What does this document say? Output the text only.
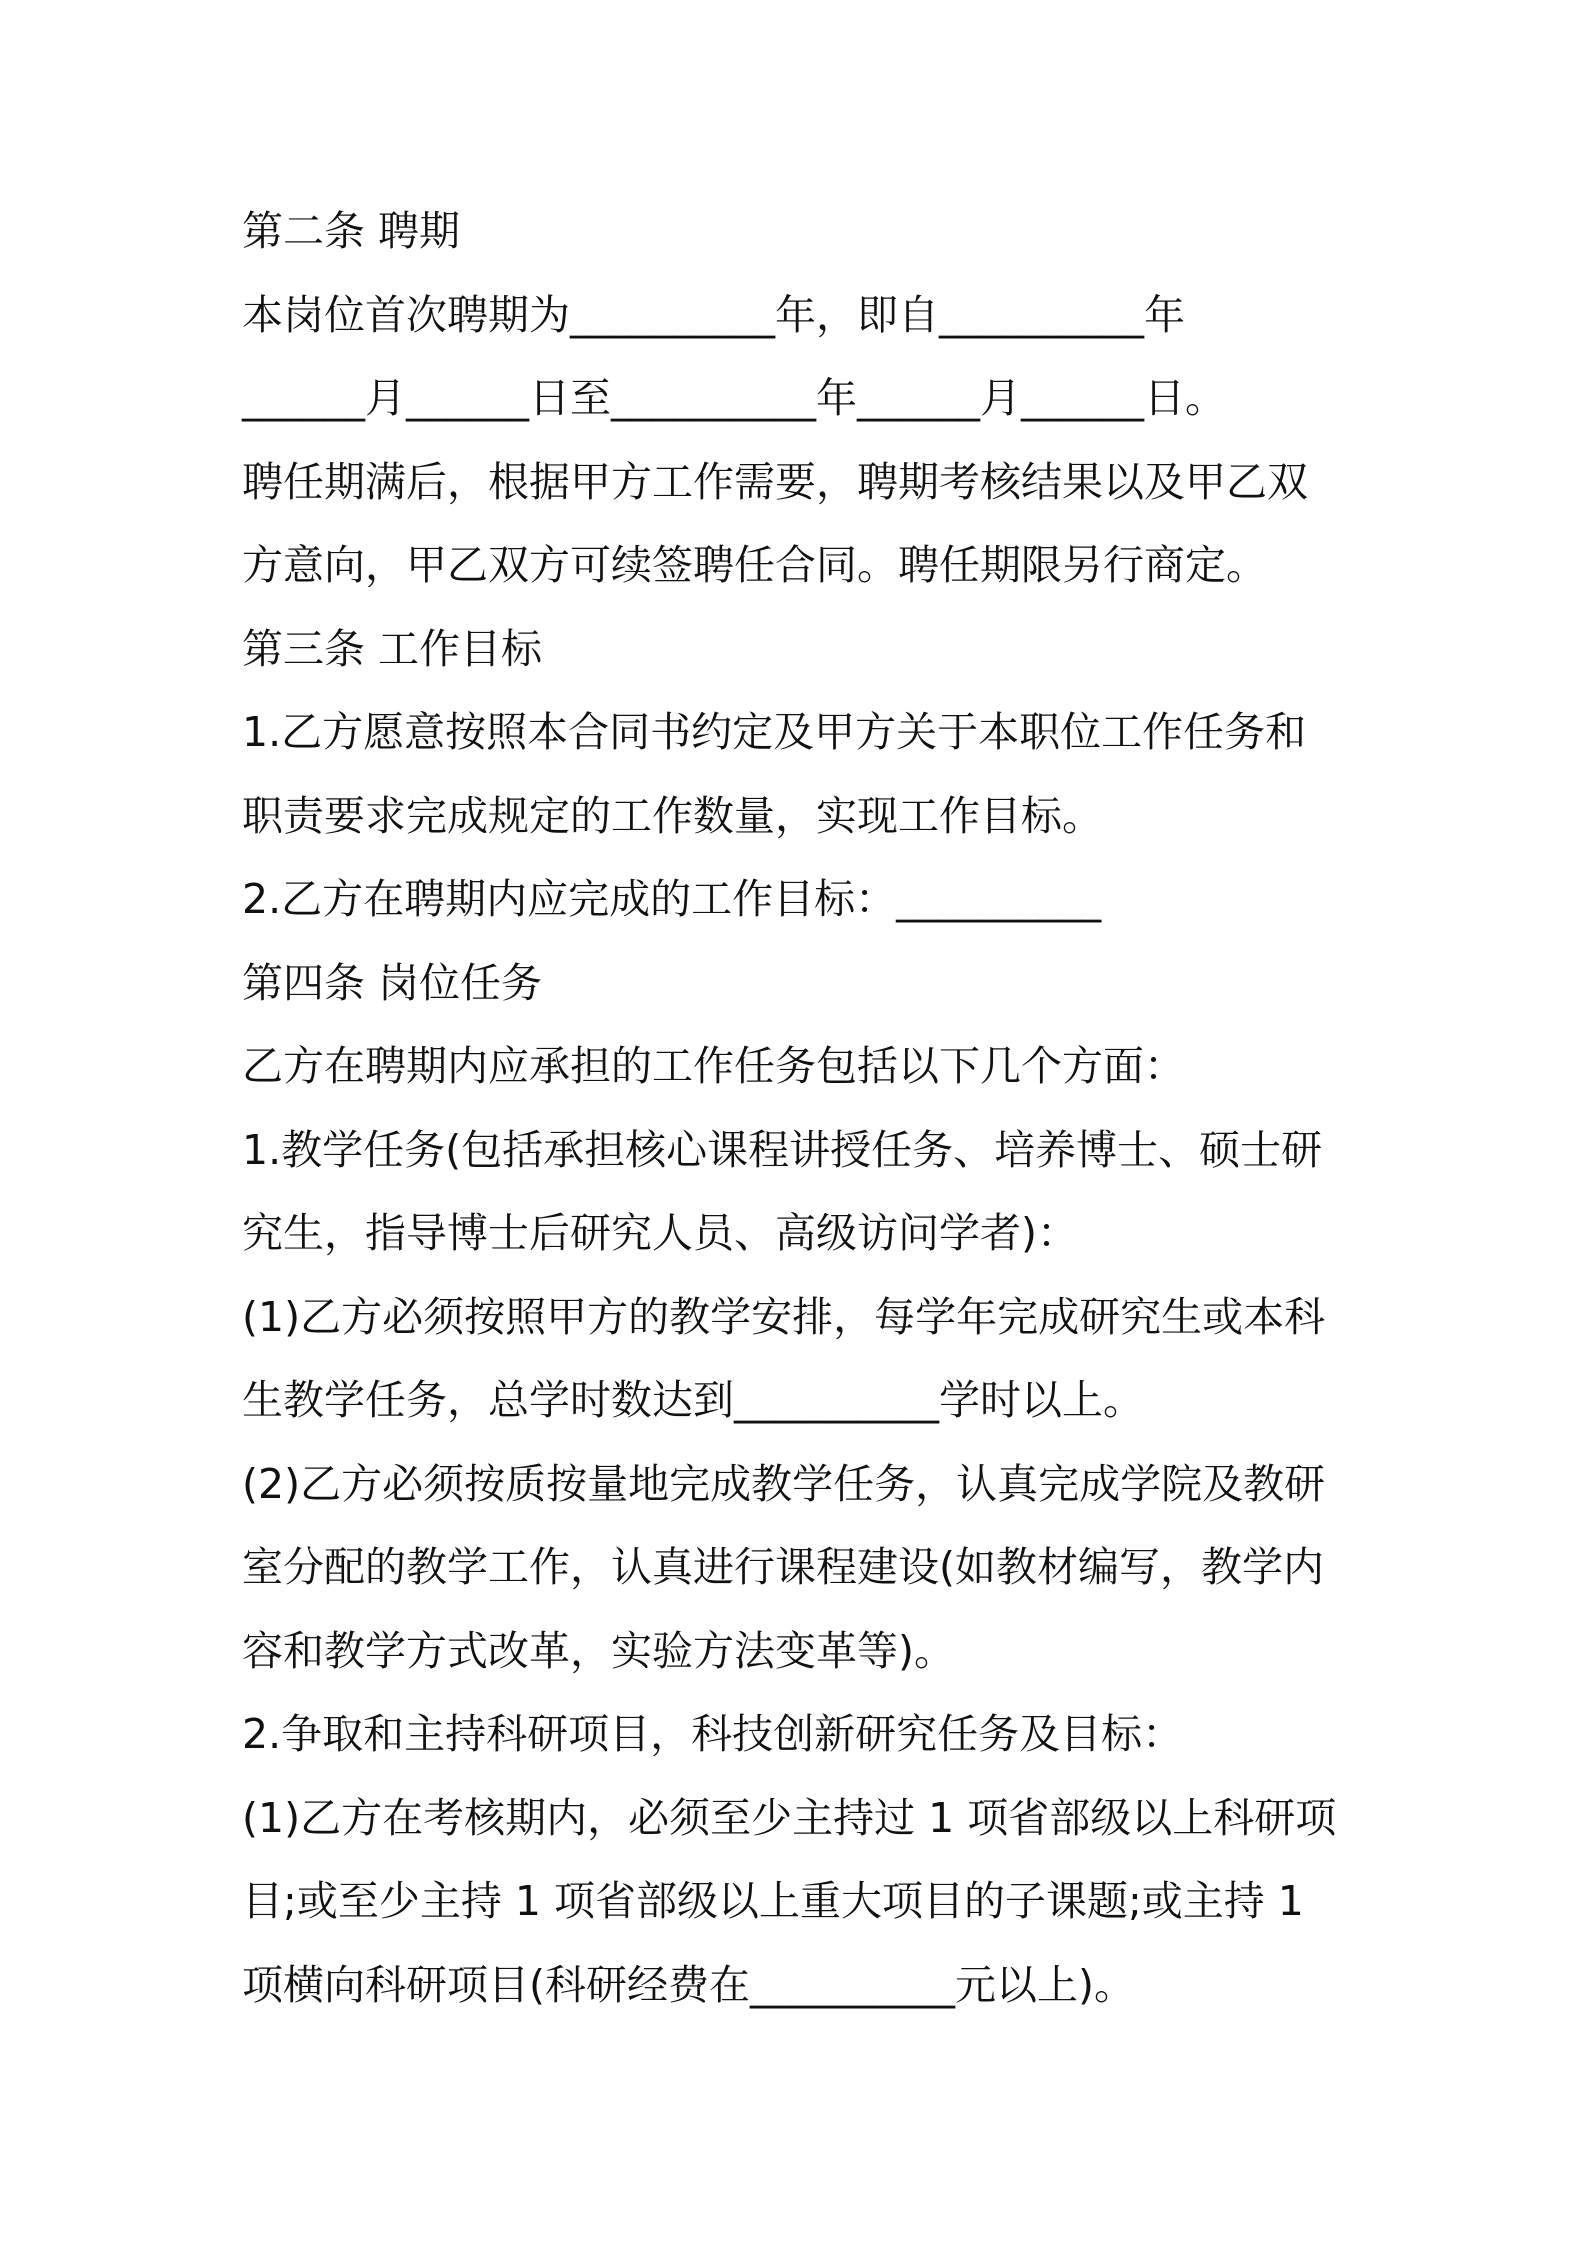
第二条 聘期
本岗位首次聘期为__________年，即自__________年
______月______日至__________年______月______日。
聘任期满后，根据甲方工作需要，聘期考核结果以及甲乙双
方意向，甲乙双方可续签聘任合同。聘任期限另行商定。
第三条 工作目标
1.乙方愿意按照本合同书约定及甲方关于本职位工作任务和
职责要求完成规定的工作数量，实现工作目标。
2.乙方在聘期内应完成的工作目标：__________
第四条 岗位任务
乙方在聘期内应承担的工作任务包括以下几个方面：
1.教学任务(包括承担核心课程讲授任务、培养博士、硕士研
究生，指导博士后研究人员、高级访问学者)：
(1)乙方必须按照甲方的教学安排，每学年完成研究生或本科
生教学任务，总学时数达到__________学时以上。
(2)乙方必须按质按量地完成教学任务，认真完成学院及教研
室分配的教学工作，认真进行课程建设(如教材编写，教学内
容和教学方式改革，实验方法变革等)。
2.争取和主持科研项目，科技创新研究任务及目标：
(1)乙方在考核期内，必须至少主持过 1 项省部级以上科研项
目;或至少主持 1 项省部级以上重大项目的子课题;或主持 1
项横向科研项目(科研经费在__________元以上)。
